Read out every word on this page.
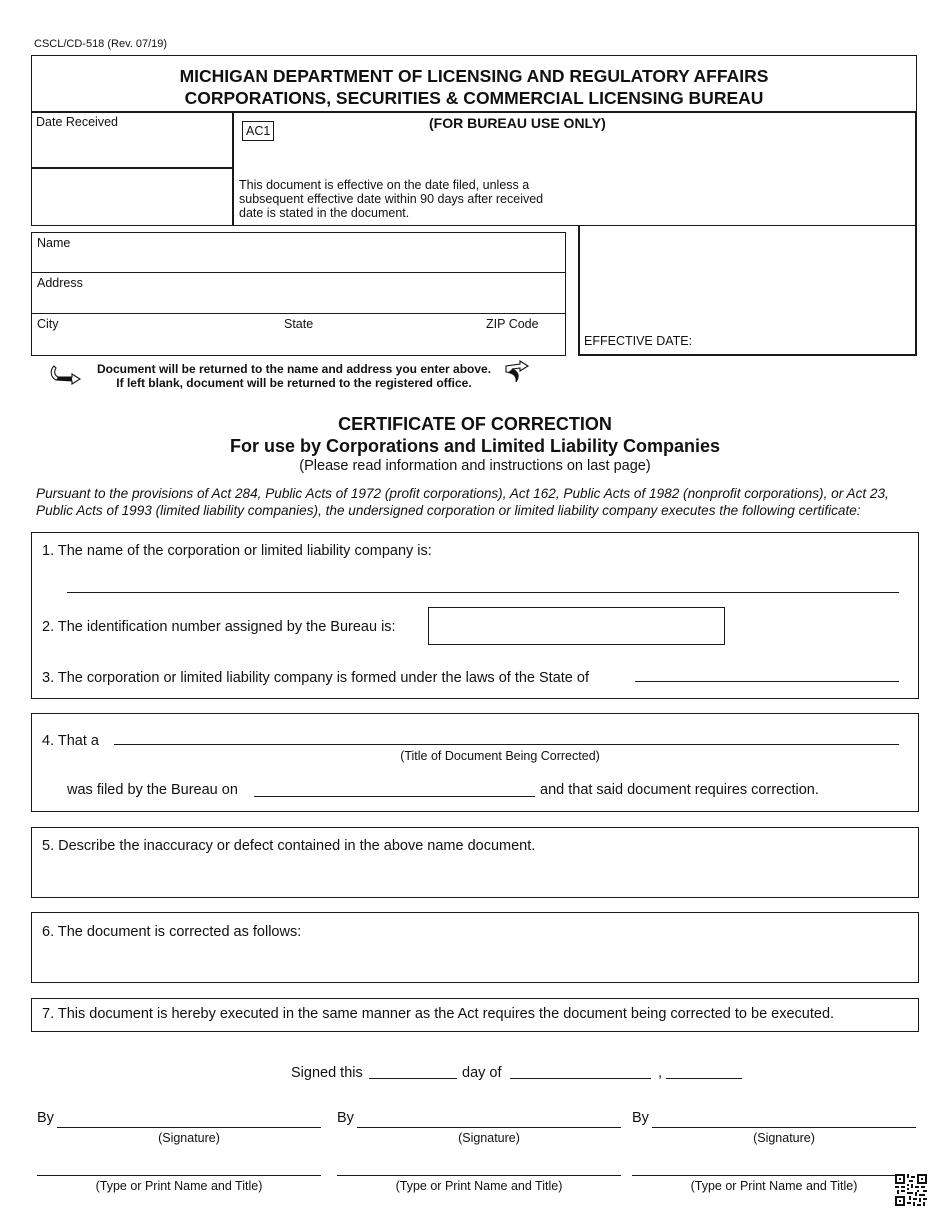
CSCL/CD-518 (Rev. 07/19)
MICHIGAN DEPARTMENT OF LICENSING AND REGULATORY AFFAIRS
CORPORATIONS, SECURITIES & COMMERCIAL LICENSING BUREAU
Date Received
AC1	(FOR BUREAU USE ONLY)
This document is effective on the date filed, unless a subsequent effective date within 90 days after received date is stated in the document.
EFFECTIVE DATE:
Name
Address
City	State	ZIP Code
Document will be returned to the name and address you enter above.
If left blank, document will be returned to the registered office.
CERTIFICATE OF CORRECTION
For use by Corporations and Limited Liability Companies
(Please read information and instructions on last page)
Pursuant to the provisions of Act 284, Public Acts of 1972 (profit corporations), Act 162, Public Acts of 1982 (nonprofit corporations), or Act 23, Public Acts of 1993 (limited liability companies), the undersigned corporation or limited liability company executes the following certificate:
1. The name of the corporation or limited liability company is:
2. The identification number assigned by the Bureau is:
3. The corporation or limited liability company is formed under the laws of the State of
4. That a
(Title of Document Being Corrected)
was filed by the Bureau on	and that said document requires correction.
5. Describe the inaccuracy or defect contained in the above name document.
6. The document is corrected as follows:
7. This document is hereby executed in the same manner as the Act requires the document being corrected to be executed.
Signed this	day of	,
By
(Signature)
(Type or Print Name and Title)
By
(Signature)
(Type or Print Name and Title)
By
(Signature)
(Type or Print Name and Title)
